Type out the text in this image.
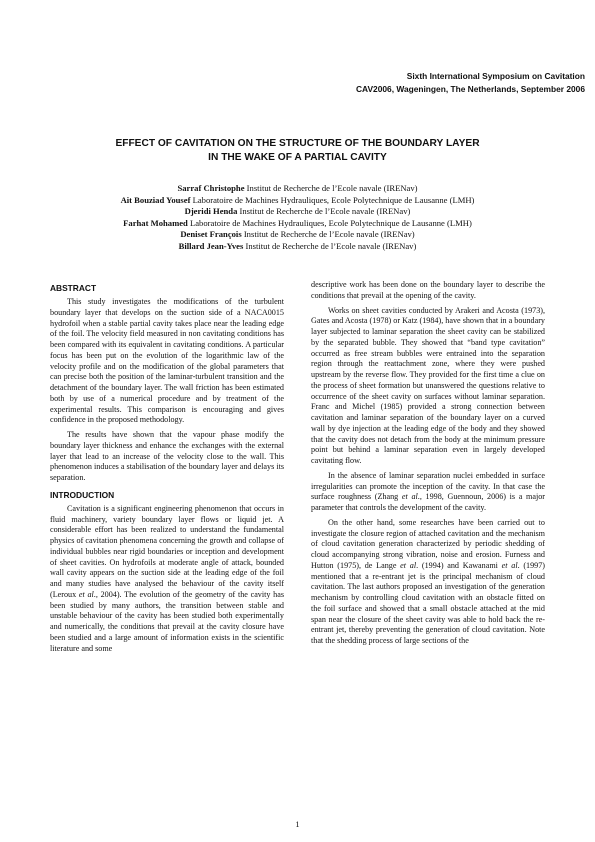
Sixth International Symposium on Cavitation
CAV2006, Wageningen, The Netherlands, September 2006
EFFECT OF CAVITATION ON THE STRUCTURE OF THE BOUNDARY LAYER
IN THE WAKE OF A PARTIAL CAVITY
Sarraf Christophe Institut de Recherche de l’Ecole navale (IRENav)
Ait Bouziad Yousef Laboratoire de Machines Hydrauliques, Ecole Polytechnique de Lausanne (LMH)
Djeridi Henda Institut de Recherche de l’Ecole navale (IRENav)
Farhat Mohamed Laboratoire de Machines Hydrauliques, Ecole Polytechnique de Lausanne (LMH)
Deniset François Institut de Recherche de l’Ecole navale (IRENav)
Billard Jean-Yves Institut de Recherche de l’Ecole navale (IRENav)
ABSTRACT

This study investigates the modifications of the turbulent boundary layer that develops on the suction side of a NACA0015 hydrofoil when a stable partial cavity takes place near the leading edge of the foil. The velocity field measured in non cavitating conditions has been compared with its equivalent in cavitating conditions. A particular focus has been put on the evolution of the logarithmic law of the velocity profile and on the modification of the global parameters that can precise both the position of the laminar-turbulent transition and the detachment of the boundary layer. The wall friction has been estimated both by use of a numerical procedure and by treatment of the experimental results. This comparison is encouraging and gives confidence in the proposed methodology.

The results have shown that the vapour phase modify the boundary layer thickness and enhance the exchanges with the external layer that lead to an increase of the velocity close to the wall. This phenomenon induces a stabilisation of the boundary layer and delays its separation.

INTRODUCTION

Cavitation is a significant engineering phenomenon that occurs in fluid machinery, variety boundary layer flows or liquid jet. A considerable effort has been realized to understand the fundamental physics of cavitation phenomena concerning the growth and collapse of individual bubbles near rigid boundaries or inception and development of sheet cavities. On hydrofoils at moderate angle of attack, bounded wall cavity appears on the suction side at the leading edge of the foil and many studies have analysed the behaviour of the cavity itself (Leroux et al., 2004). The evolution of the geometry of the cavity has been studied by many authors, the transition between stable and unstable behaviour of the cavity has been studied both experimentally and numerically, the conditions that prevail at the cavity closure have been studied and a large amount of information exists in the scientific literature and some

descriptive work has been done on the boundary layer to describe the conditions that prevail at the opening of the cavity.

Works on sheet cavities conducted by Arakeri and Acosta (1973), Gates and Acosta (1978) or Katz (1984), have shown that in a boundary layer subjected to laminar separation the sheet cavity can be stabilized by the separated bubble. They showed that “band type cavitation” occurred as free stream bubbles were entrained into the separation region through the reattachment zone, where they were pushed upstream by the reverse flow. They provided for the first time a clue on the process of sheet formation but unanswered the questions relative to occurrence of the sheet cavity on surfaces without laminar separation. Franc and Michel (1985) provided a strong connection between cavitation and laminar separation of the boundary layer on a curved wall by dye injection at the leading edge of the body and they showed that the cavity does not detach from the body at the minimum pressure point but behind a laminar separation even in largely developed cavitating flow.

In the absence of laminar separation nuclei embedded in surface irregularities can promote the inception of the cavity. In that case the surface roughness (Zhang et al., 1998, Guennoun, 2006) is a major parameter that controls the development of the cavity.

On the other hand, some researches have been carried out to investigate the closure region of attached cavitation and the mechanism of cloud cavitation generation characterized by periodic shedding of cloud accompanying strong vibration, noise and erosion. Furness and Hutton (1975), de Lange et al. (1994) and Kawanami et al. (1997) mentioned that a re-entrant jet is the principal mechanism of cloud cavitation. The last authors proposed an investigation of the generation mechanism by controlling cloud cavitation with an obstacle fitted on the foil surface and showed that a small obstacle attached at the mid span near the closure of the sheet cavity was able to hold back the re-entrant jet, thereby preventing the generation of cloud cavitation. Note that the shedding process of large sections of the

1
